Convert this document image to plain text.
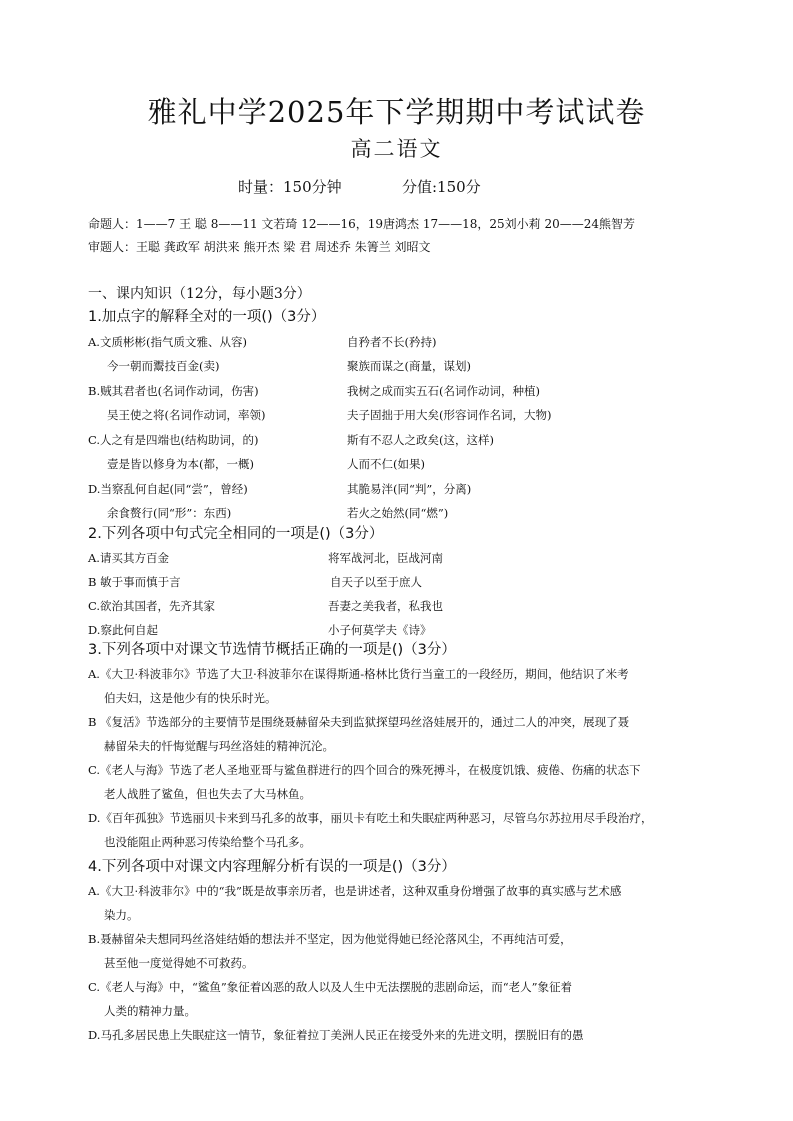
雅礼中学2025年下学期期中考试试卷
高二语文
时量：150分钟	分值:150分
命题人：1——7 王 聪 8——11 文若琦 12——16，19唐鸿杰 17——18，25刘小莉 20——24熊智芳
审题人：王聪 龚政军 胡洪来 熊开杰 梁 君 周述乔 朱箐兰 刘昭文
一、课内知识（12分，每小题3分）
1.加点字的解释全对的一项()（3分）
A.文质彬彬(指气质文雅、从容)	自矜者不长(矜持)
今一朝而鬻技百金(卖)	聚族而谋之(商量，谋划)
B.贼其君者也(名词作动词，伤害)	我树之成而实五石(名词作动词，种植)
吴王使之将(名词作动词，率领)	夫子固拙于用大矣(形容词作名词，大物)
C.人之有是四端也(结构助词，的)	斯有不忍人之政矣(这，这样)
壹是皆以修身为本(都，一概)	人而不仁(如果)
D.当察乱何自起(同“尝”，曾经)	其脆易泮(同“判”，分离)
余食赘行(同“形”：东西)	若火之始然(同“燃”)
2.下列各项中句式完全相同的一项是()（3分）
A.请买其方百金	将军战河北，臣战河南
B 敏于事而慎于言	自天子以至于庶人
C.欲治其国者，先齐其家	吾妻之美我者，私我也
D.察此何自起	小子何莫学夫《诗》
3.下列各项中对课文节选情节概括正确的一项是()（3分）
A.《大卫·科波菲尔》节选了大卫·科波菲尔在谋得斯通-格林比货行当童工的一段经历，期间，他结识了米考
伯夫妇，这是他少有的快乐时光。
B 《复活》节选部分的主要情节是围绕聂赫留朵夫到监狱探望玛丝洛娃展开的，通过二人的冲突，展现了聂
赫留朵夫的忏悔觉醒与玛丝洛娃的精神沉沦。
C.《老人与海》节选了老人圣地亚哥与鲨鱼群进行的四个回合的殊死搏斗，在极度饥饿、疲倦、伤痛的状态下
老人战胜了鲨鱼，但也失去了大马林鱼。
D.《百年孤独》节选丽贝卡来到马孔多的故事，丽贝卡有吃土和失眠症两种恶习，尽管乌尔苏拉用尽手段治疗，
也没能阻止两种恶习传染给整个马孔多。
4.下列各项中对课文内容理解分析有误的一项是()（3分）
A.《大卫·科波菲尔》中的“我”既是故事亲历者，也是讲述者，这种双重身份增强了故事的真实感与艺术感
染力。
B.聂赫留朵夫想同玛丝洛娃结婚的想法并不坚定，因为他觉得她已经沦落风尘，不再纯洁可爱，
甚至他一度觉得她不可救药。
C.《老人与海》中，“鲨鱼”象征着凶恶的敌人以及人生中无法摆脱的悲剧命运，而“老人”象征着
人类的精神力量。
D.马孔多居民患上失眠症这一情节，象征着拉丁美洲人民正在接受外来的先进文明，摆脱旧有的愚
